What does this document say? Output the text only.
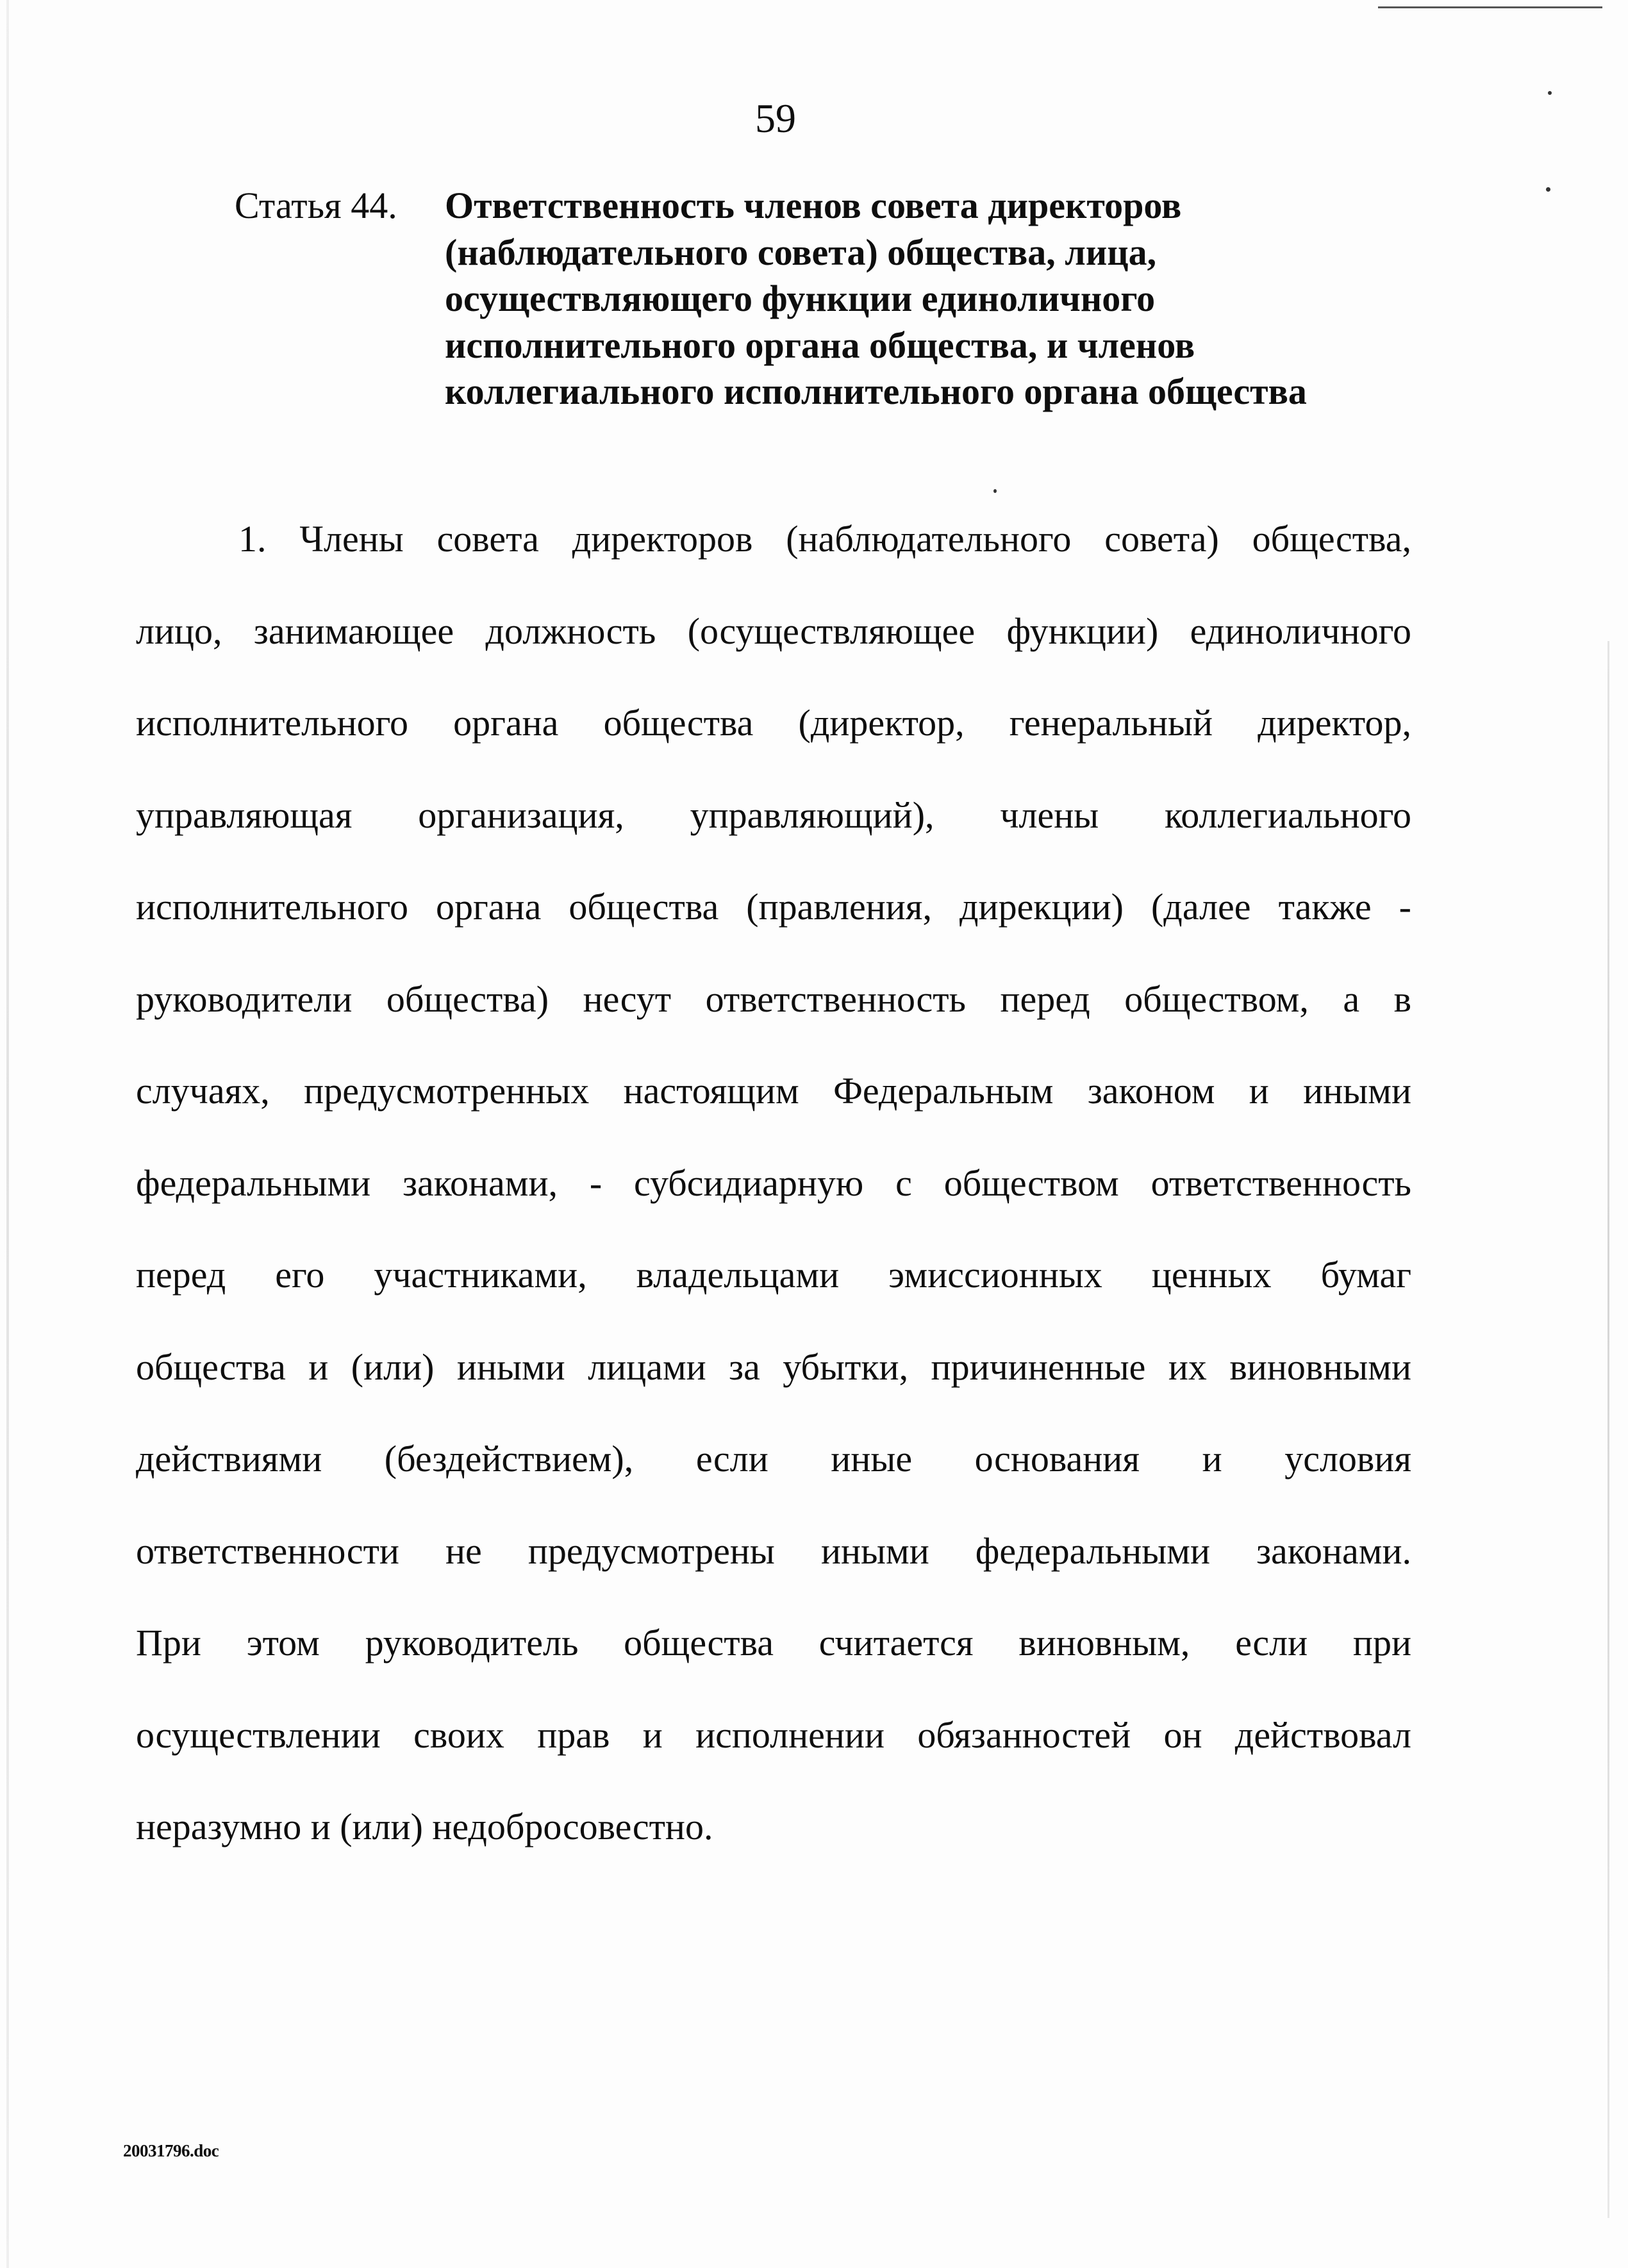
59
Статья 44. Ответственность членов совета директоров
(наблюдательного совета) общества, лица,
осуществляющего функции единоличного
исполнительного органа общества, и членов
коллегиального исполнительного органа общества
1. Члены совета директоров (наблюдательного совета) общества,
лицо, занимающее должность (осуществляющее функции) единоличного
исполнительного органа общества (директор, генеральный директор,
управляющая организация, управляющий), члены коллегиального
исполнительного органа общества (правления, дирекции) (далее также -
руководители общества) несут ответственность перед обществом, а в
случаях, предусмотренных настоящим Федеральным законом и иными
федеральными законами, - субсидиарную с обществом ответственность
перед его участниками, владельцами эмиссионных ценных бумаг
общества и (или) иными лицами за убытки, причиненные их виновными
действиями (бездействием), если иные основания и условия
ответственности не предусмотрены иными федеральными законами.
При этом руководитель общества считается виновным, если при
осуществлении своих прав и исполнении обязанностей он действовал
неразумно и (или) недобросовестно.
20031796.doc
